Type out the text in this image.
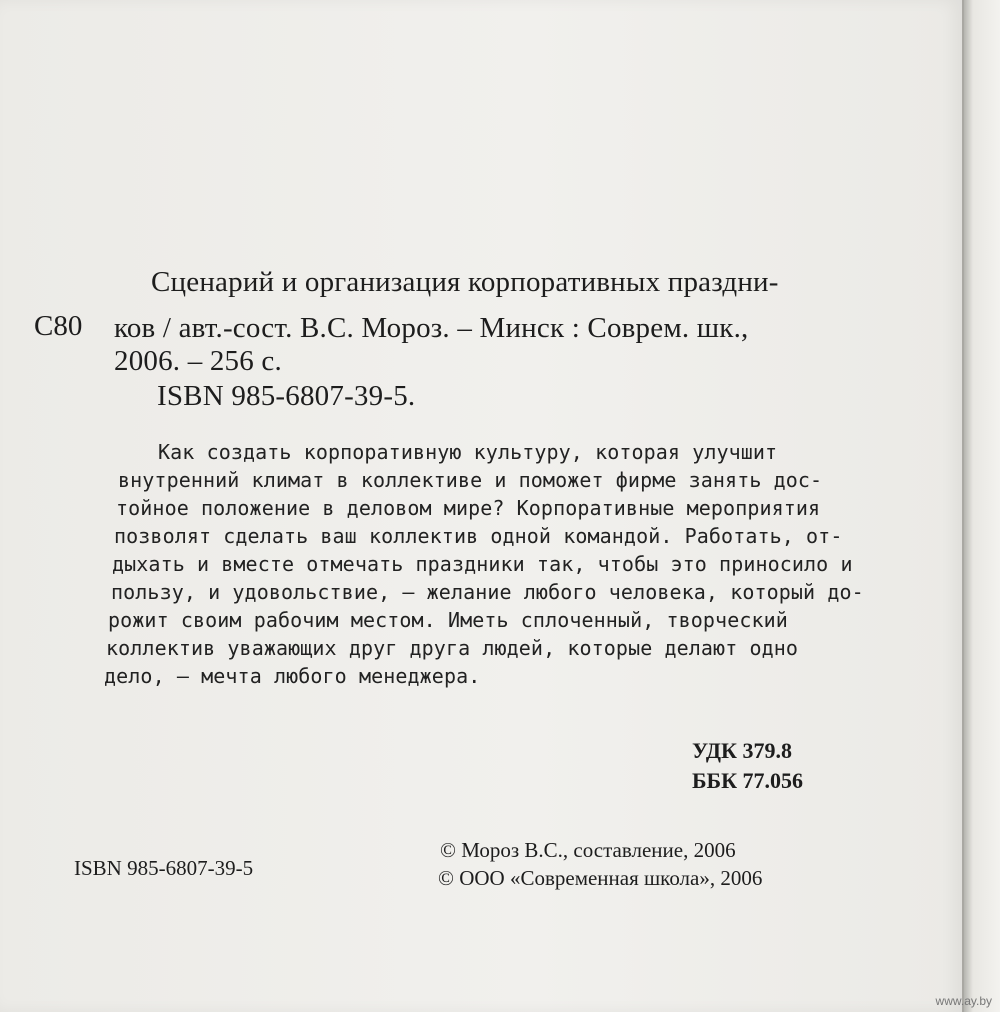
С80
Сценарий и организация корпоративных праздни-
ков / авт.-сост. В.С. Мороз. – Минск : Соврем. шк.,
2006. – 256 с.
ISBN 985-6807-39-5.
Как создать корпоративную культуру, которая улучшит
внутренний климат в коллективе и поможет фирме занять дос-
тойное положение в деловом мире? Корпоративные мероприятия
позволят сделать ваш коллектив одной командой. Работать, от-
дыхать и вместе отмечать праздники так, чтобы это приносило и
пользу, и удовольствие, – желание любого человека, который до-
рожит своим рабочим местом. Иметь сплоченный, творческий
коллектив уважающих друг друга людей, которые делают одно
дело, – мечта любого менеджера.
УДК 379.8
ББК 77.056
ISBN 985-6807-39-5
© Мороз В.С., составление, 2006
© ООО «Современная школа», 2006
www.ay.by
